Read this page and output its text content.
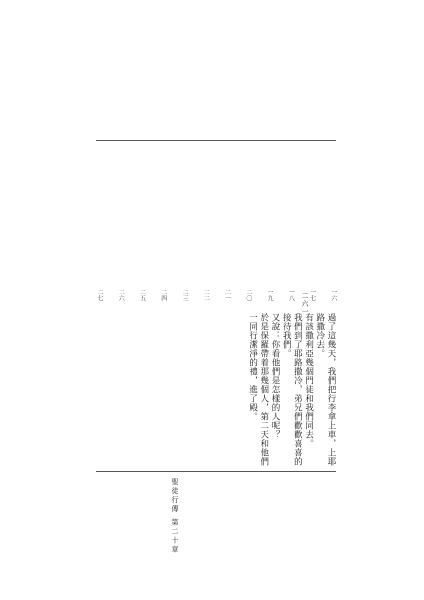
一六
一七
一八
一九
二〇
二一
二二
二三
二四
二五
二六
二七
過了這幾天，我們把行李拿上車，上耶路撒冷去。
有該撒利亞幾個門徒和我們同去。
我們到了耶路撒冷，弟兄們歡歡喜喜的接待我們。
又說：你看他們是怎樣的人呢？
於是保羅帶着那幾個人，第二天和他們一同行潔淨的禮，進了殿。
聖徒行傳 第二十章
二六一
